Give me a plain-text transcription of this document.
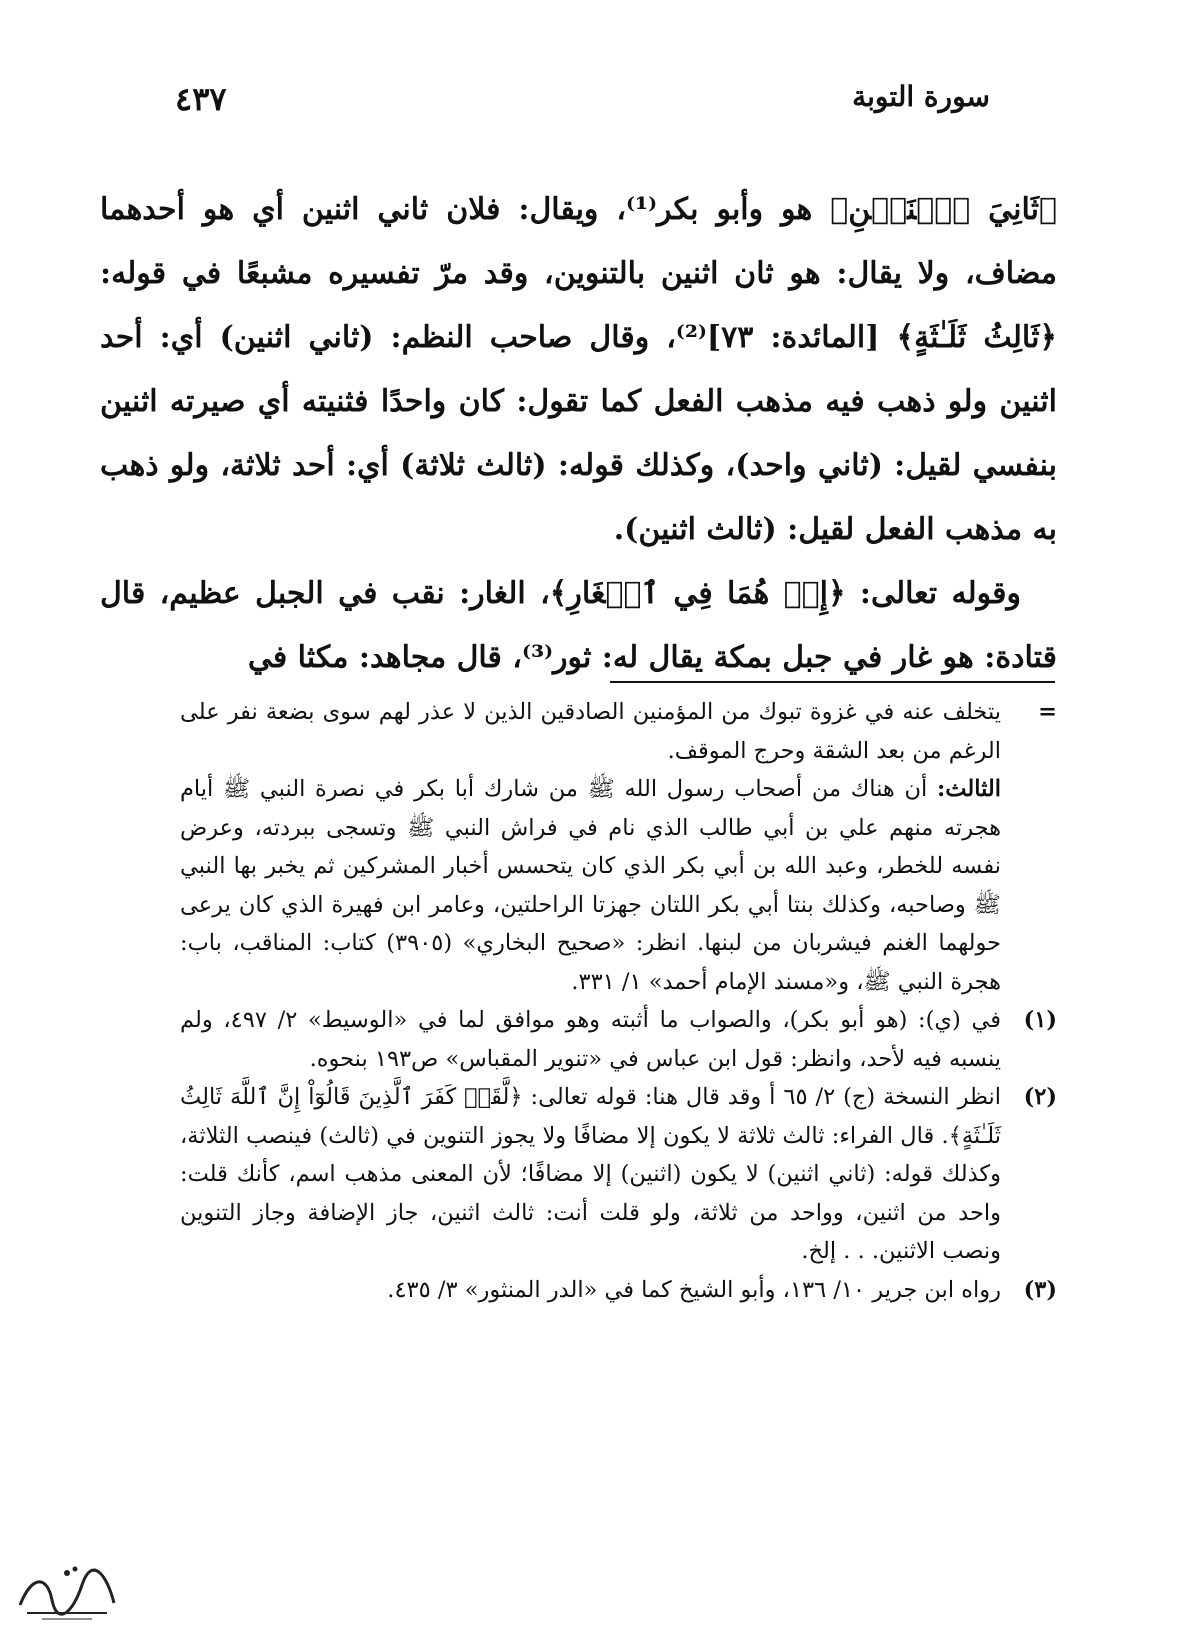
٤٣٧	سورة التوبة

﴿ثَانِيَ ٱثۡنَيۡنِ﴾ هو وأبو بكر⁽¹⁾، ويقال: فلان ثاني اثنين أي هو أحدهما مضاف، ولا يقال: هو ثان اثنين بالتنوين، وقد مرّ تفسيره مشبعًا في قوله: ﴿ثَالِثُ ثَلَـٰثَةٍ﴾ [المائدة: ٧٣]⁽²⁾، وقال صاحب النظم: (ثاني اثنين) أي: أحد اثنين ولو ذهب فيه مذهب الفعل كما تقول: كان واحدًا فثنيته أي صيرته اثنين بنفسي لقيل: (ثاني واحد)، وكذلك قوله: (ثالث ثلاثة) أي: أحد ثلاثة، ولو ذهب به مذهب الفعل لقيل: (ثالث اثنين).

وقوله تعالى: ﴿إِذۡ هُمَا فِي ٱلۡغَارِ﴾، الغار: نقب في الجبل عظيم، قال قتادة: هو غار في جبل بمكة يقال له: ثور⁽³⁾، قال مجاهد: مكثا في

=
يتخلف عنه في غزوة تبوك من المؤمنين الصادقين الذين لا عذر لهم سوى بضعة نفر على الرغم من بعد الشقة وحرج الموقف.

الثالث: أن هناك من أصحاب رسول الله ﷺ من شارك أبا بكر في نصرة النبي ﷺ أيام هجرته منهم علي بن أبي طالب الذي نام في فراش النبي ﷺ وتسجى ببردته، وعرض نفسه للخطر، وعبد الله بن أبي بكر الذي كان يتحسس أخبار المشركين ثم يخبر بها النبي ﷺ وصاحبه، وكذلك بنتا أبي بكر اللتان جهزتا الراحلتين، وعامر ابن فهيرة الذي كان يرعى حولهما الغنم فيشربان من لبنها. انظر: «صحيح البخاري» (٣٩٠٥) كتاب: المناقب، باب: هجرة النبي ﷺ، و«مسند الإمام أحمد» ١/ ٣٣١.

(١)
في (ي): (هو أبو بكر)، والصواب ما أثبته وهو موافق لما في «الوسيط» ٢/ ٤٩٧، ولم ينسبه فيه لأحد، وانظر: قول ابن عباس في «تنوير المقباس» ص١٩٣ بنحوه.

(٢)
انظر النسخة (ج) ٢/ ٦٥ أ وقد قال هنا: قوله تعالى: ﴿لَّقَدۡ كَفَرَ ٱلَّذِينَ قَالُوٓاْ إِنَّ ٱللَّهَ ثَالِثُ ثَلَـٰثَةٍ﴾. قال الفراء: ثالث ثلاثة لا يكون إلا مضافًا ولا يجوز التنوين في (ثالث) فينصب الثلاثة، وكذلك قوله: (ثاني اثنين) لا يكون (اثنين) إلا مضافًا؛ لأن المعنى مذهب اسم، كأنك قلت: واحد من اثنين، وواحد من ثلاثة، ولو قلت أنت: ثالث اثنين، جاز الإضافة وجاز التنوين ونصب الاثنين. . . إلخ.

(٣)
رواه ابن جرير ١٠/ ١٣٦، وأبو الشيخ كما في «الدر المنثور» ٣/ ٤٣٥.
